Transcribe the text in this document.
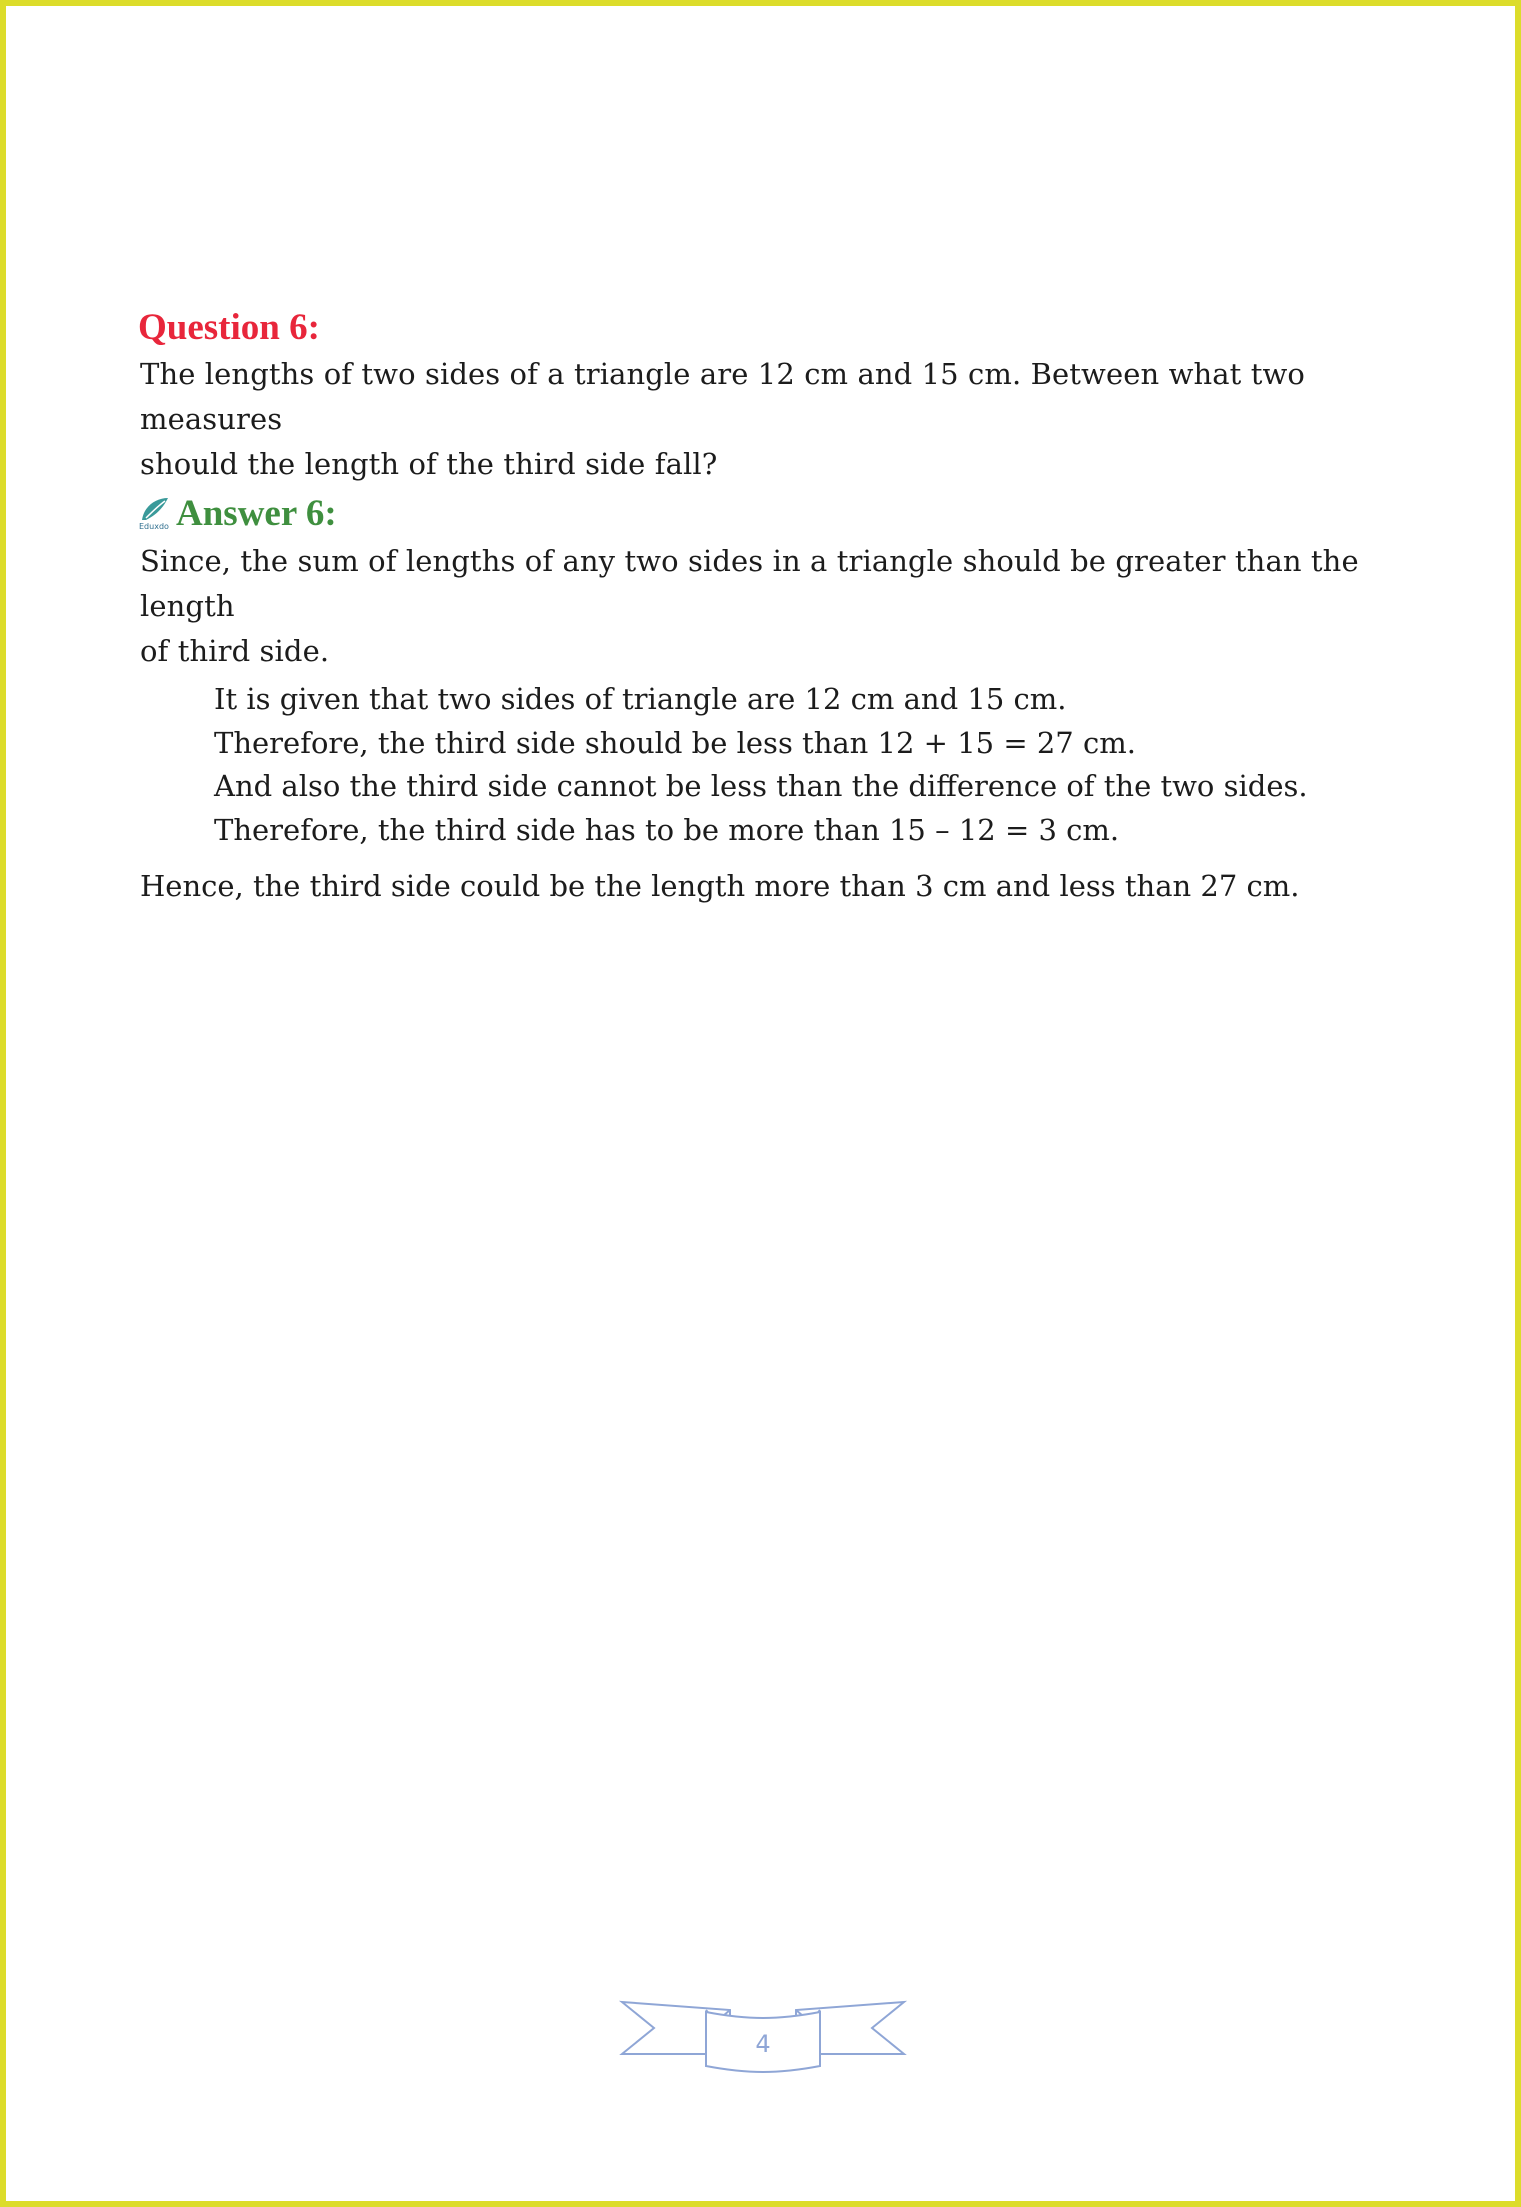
Question 6:
The lengths of two sides of a triangle are 12 cm and 15 cm. Between what two measures
should the length of the third side fall?
Eduxdo Answer 6:
Since, the sum of lengths of any two sides in a triangle should be greater than the length
of third side.
It is given that two sides of triangle are 12 cm and 15 cm.
Therefore, the third side should be less than 12 + 15 = 27 cm.
And also the third side cannot be less than the difference of the two sides.
Therefore, the third side has to be more than 15 – 12 = 3 cm.
Hence, the third side could be the length more than 3 cm and less than 27 cm.
4
